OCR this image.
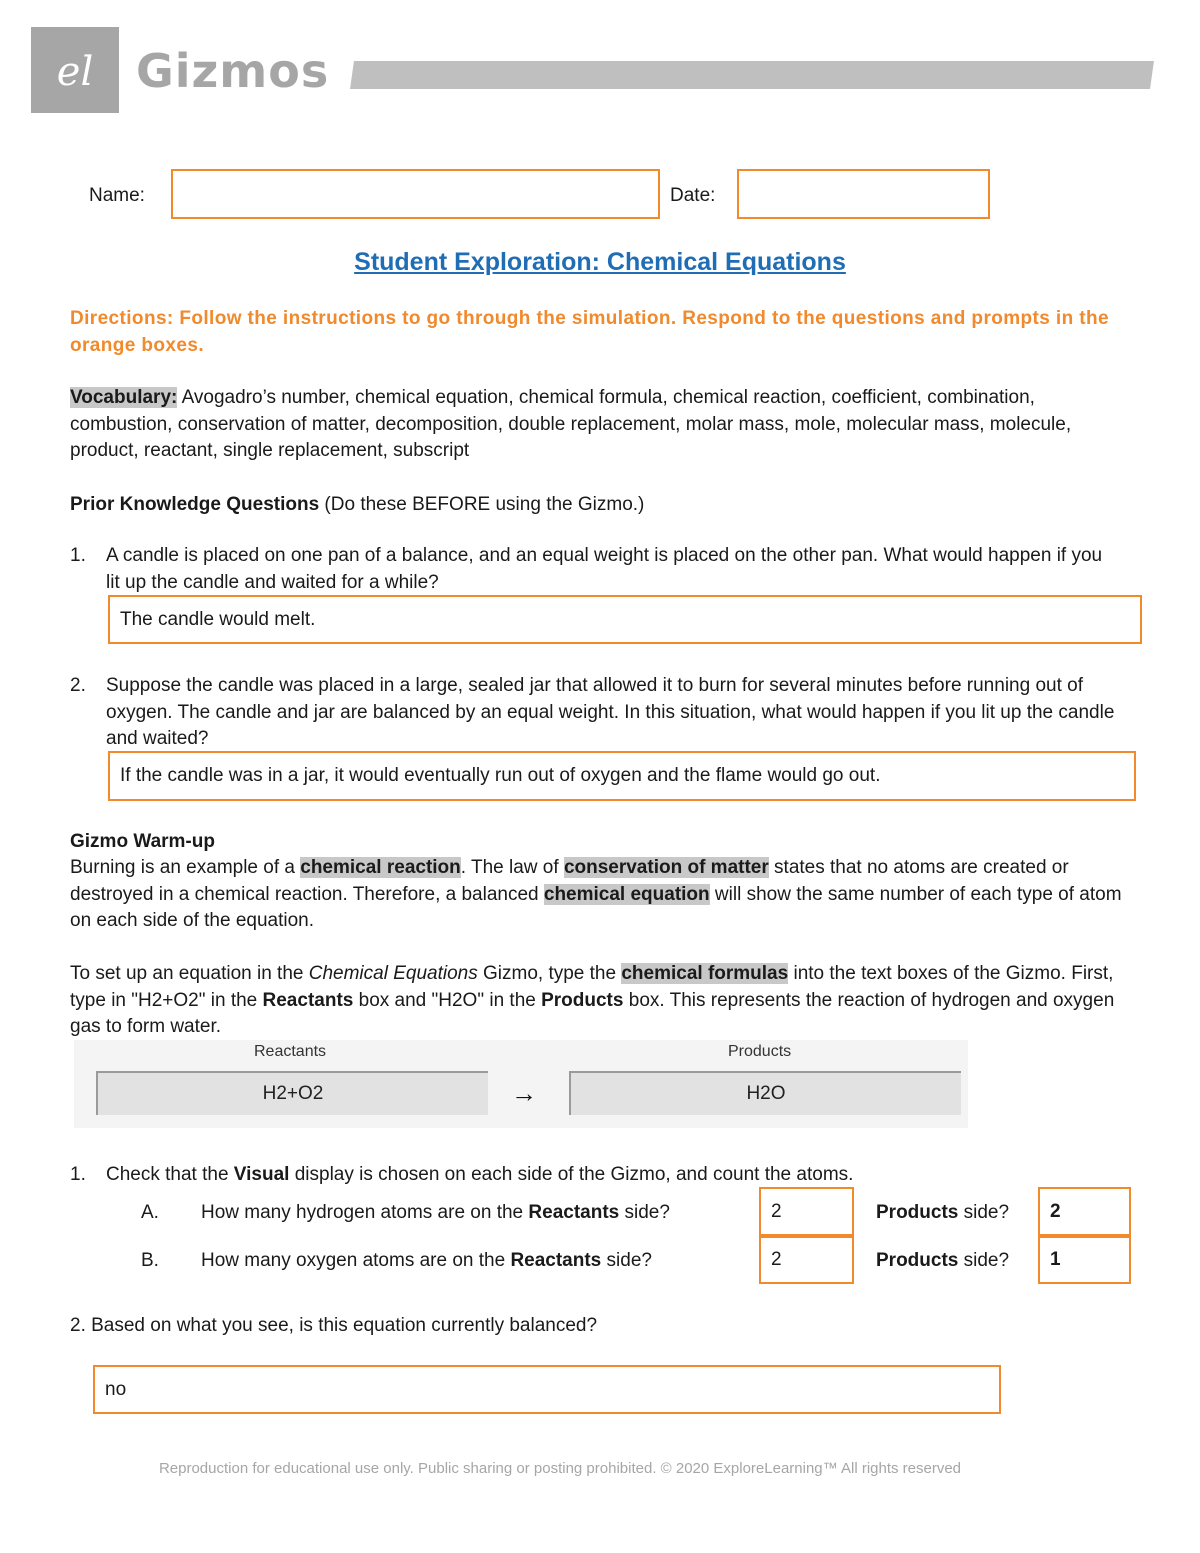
el Gizmos
Name:	Date:
Student Exploration: Chemical Equations
Directions: Follow the instructions to go through the simulation. Respond to the questions and prompts in the orange boxes.
Vocabulary: Avogadro’s number, chemical equation, chemical formula, chemical reaction, coefficient, combination, combustion, conservation of matter, decomposition, double replacement, molar mass, mole, molecular mass, molecule, product, reactant, single replacement, subscript
Prior Knowledge Questions (Do these BEFORE using the Gizmo.)
1. A candle is placed on one pan of a balance, and an equal weight is placed on the other pan. What would happen if you lit up the candle and waited for a while?
The candle would melt.
2. Suppose the candle was placed in a large, sealed jar that allowed it to burn for several minutes before running out of oxygen. The candle and jar are balanced by an equal weight. In this situation, what would happen if you lit up the candle and waited?
If the candle was in a jar, it would eventually run out of oxygen and the flame would go out.
Gizmo Warm-up
Burning is an example of a chemical reaction. The law of conservation of matter states that no atoms are created or destroyed in a chemical reaction. Therefore, a balanced chemical equation will show the same number of each type of atom on each side of the equation.
To set up an equation in the Chemical Equations Gizmo, type the chemical formulas into the text boxes of the Gizmo. First, type in "H2+O2" in the Reactants box and "H2O" in the Products box. This represents the reaction of hydrogen and oxygen gas to form water.
Reactants
H2+O2	→
Products
H2O
1. Check that the Visual display is chosen on each side of the Gizmo, and count the atoms.
A. How many hydrogen atoms are on the Reactants side?	2	Products side? 2
B. How many oxygen atoms are on the Reactants side?	2	Products side? 1
2. Based on what you see, is this equation currently balanced?
no
Reproduction for educational use only. Public sharing or posting prohibited. © 2020 ExploreLearning™ All rights reserved
